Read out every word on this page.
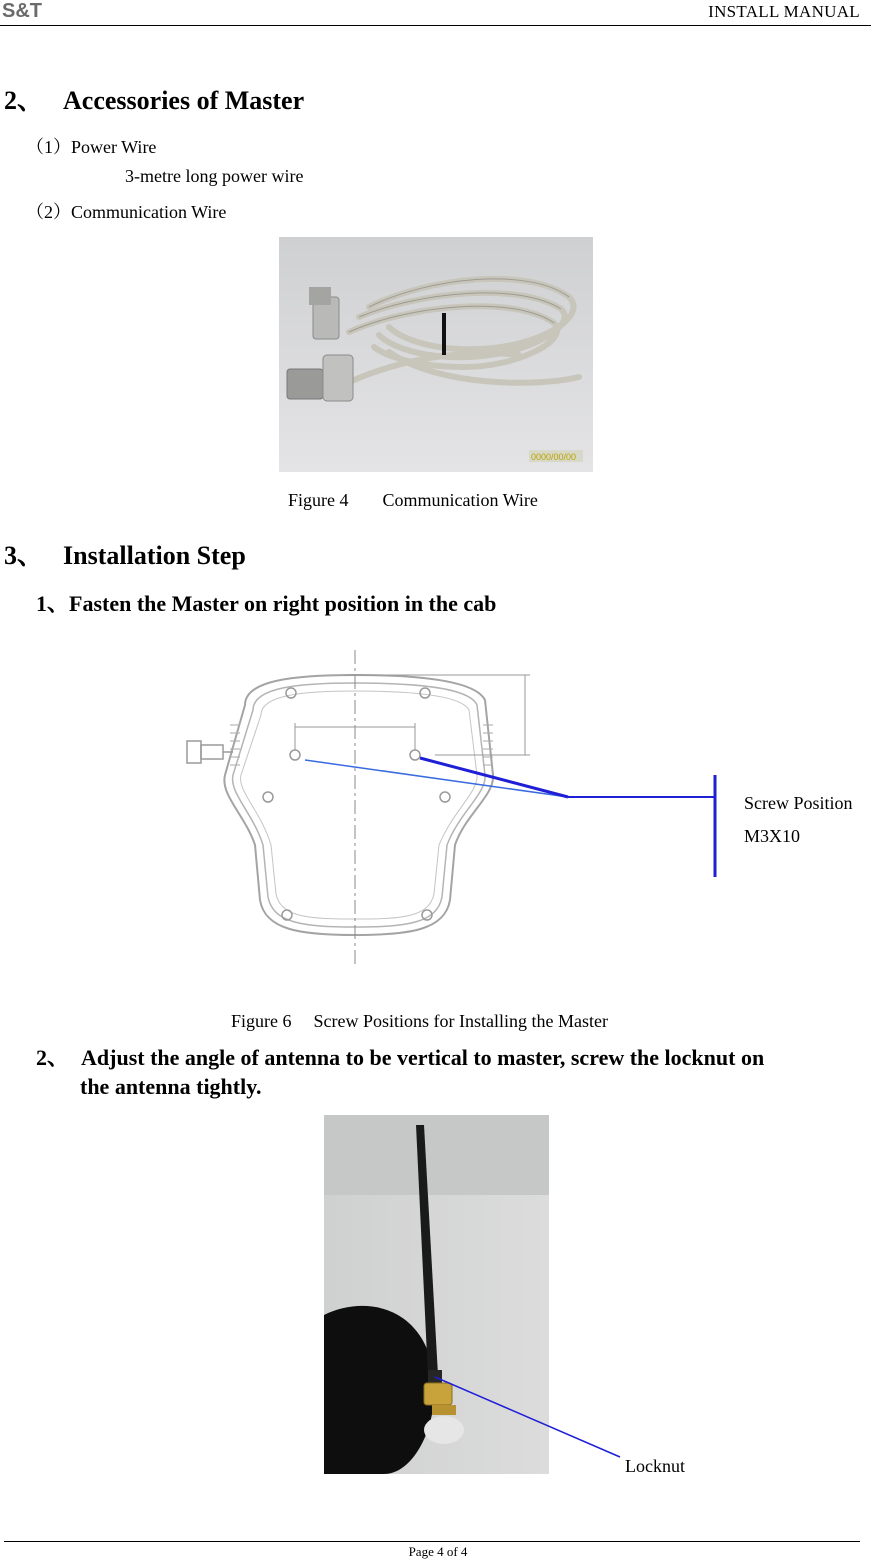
S&T	INSTALL MANUAL
2、 Accessories of Master
（1）Power Wire
3-metre long power wire
（2）Communication Wire
0000/00/00
Figure 4 Communication Wire
3、 Installation Step
1、Fasten the Master on right position in the cab
Screw Position
M3X10
Figure 6 Screw Positions for Installing the Master
2、 Adjust the angle of antenna to be vertical to master, screw the locknut on
the antenna tightly.
Locknut
Page 4 of 4
